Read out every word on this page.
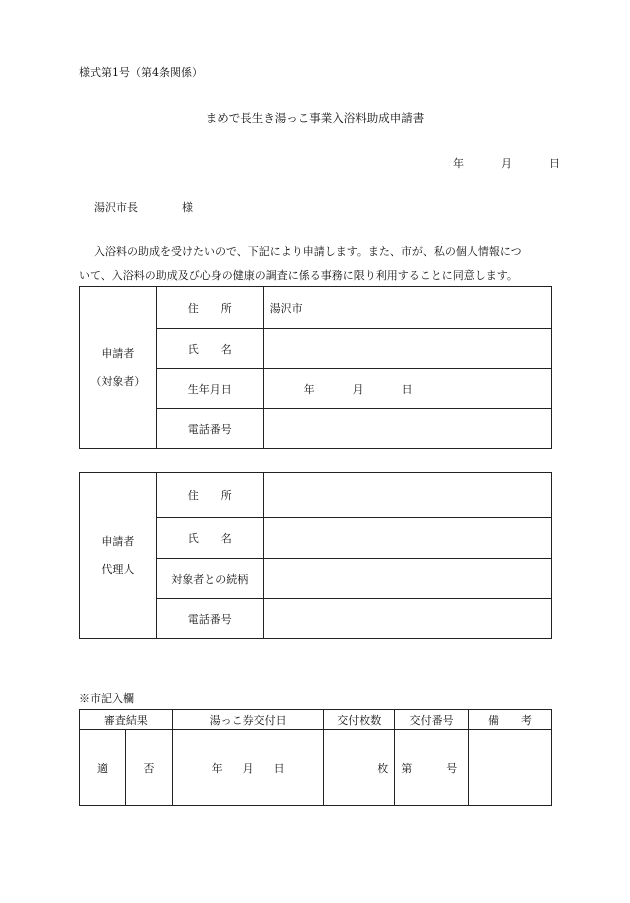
様式第1号（第4条関係）
まめで長生き湯っこ事業入浴料助成申請書
年	月	日
湯沢市長	様
入浴料の助成を受けたいので、下記により申請します。また、市が、私の個人情報につ
いて、入浴料の助成及び心身の健康の調査に係る事務に限り利用することに同意します。
申請者
（対象者）	住　　所	湯沢市
	氏　　名	
	生年月日	年 月 日
	電話番号	
申請者
代理人	住　　所	
	氏　　名	
	対象者との続柄	
	電話番号	
※市記入欄
審査結果		湯っこ券交付日	交付枚数	交付番号	備　　考
適	否	年 月 日	枚	第 号	
